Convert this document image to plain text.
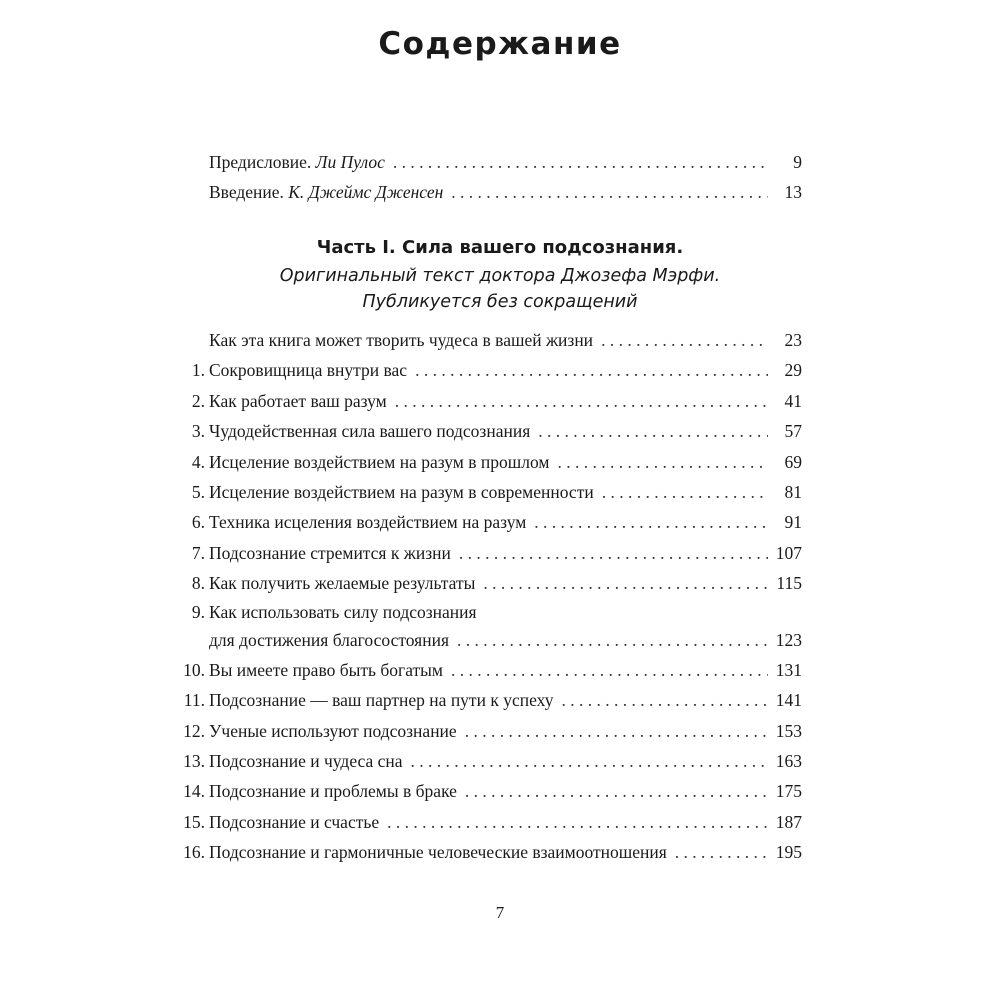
Содержание
Предисловие. Ли Пулос . . .	9
Введение. К. Джеймс Дженсен . . .	13
Часть I. Сила вашего подсознания.
Оригинальный текст доктора Джозефа Мэрфи.
Публикуется без сокращений
Как эта книга может творить чудеса в вашей жизни . . .	23
1. Сокровищница внутри вас . . .	29
2. Как работает ваш разум . . .	41
3. Чудодейственная сила вашего подсознания . . .	57
4. Исцеление воздействием на разум в прошлом . . .	69
5. Исцеление воздействием на разум в современности . . .	81
6. Техника исцеления воздействием на разум . . .	91
7. Подсознание стремится к жизни . . .	107
8. Как получить желаемые результаты . . .	115
9. Как использовать силу подсознания
для достижения благосостояния . . .	123
10. Вы имеете право быть богатым . . .	131
11. Подсознание — ваш партнер на пути к успеху . . .	141
12. Ученые используют подсознание . . .	153
13. Подсознание и чудеса сна . . .	163
14. Подсознание и проблемы в браке . . .	175
15. Подсознание и счастье . . .	187
16. Подсознание и гармоничные человеческие взаимоотношения . . .	195
7
